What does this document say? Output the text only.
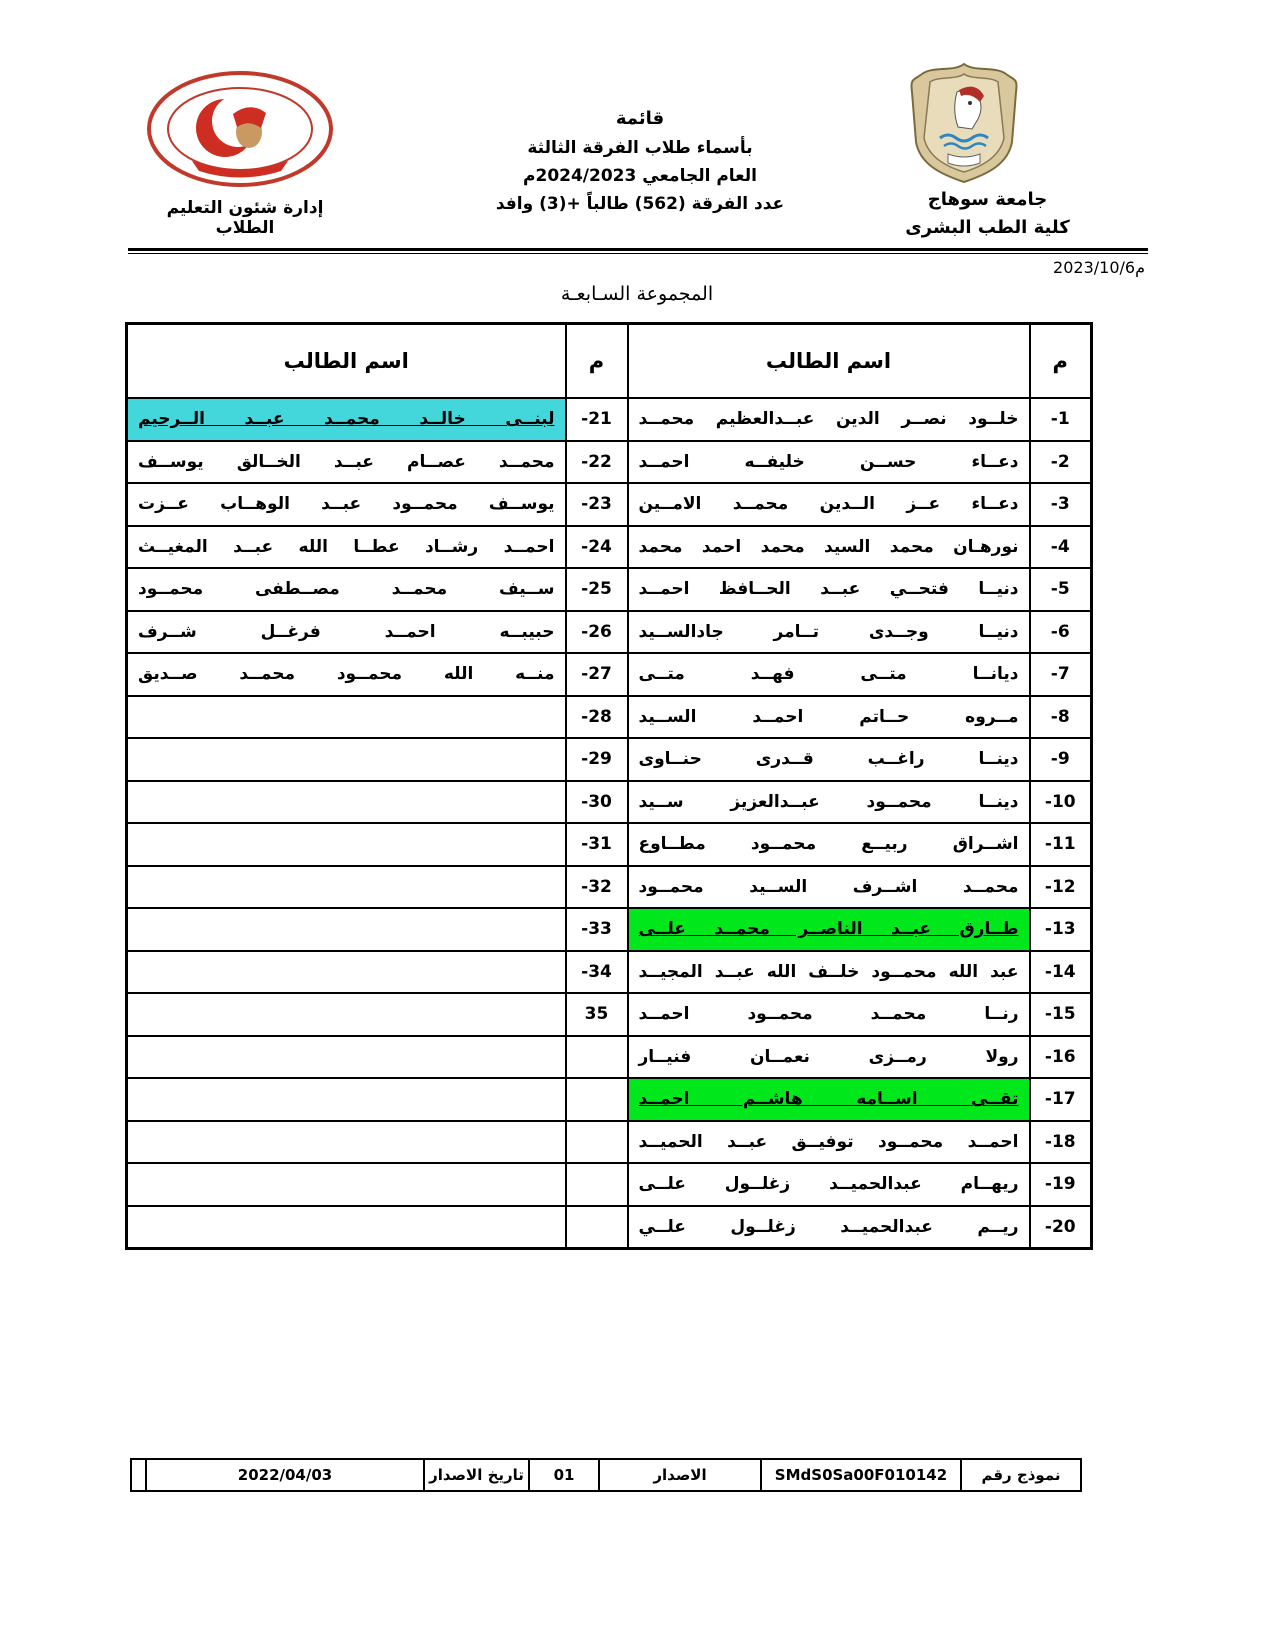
إدارة شئون التعليم الطلاب
قائمة
بأسماء طلاب الفرقة الثالثة
العام الجامعي 2024/2023م
عدد الفرقة (562) طالباً +(3) وافد	جامعة سوهاج
كلية الطب البشرى
2023/10/6م
المجموعة السـابعـة
م	اسم الطالب	م	اسم الطالب
-1	خلــود نصــر الدين عبــدالعظيم محمــد	-21	لبنــى خالــد محمــد عبــد الــرحيم
-2	دعــاء حســن خليفــه احمــد	-22	محمــد عصــام عبــد الخــالق يوســف
-3	دعــاء عــز الــدين محمــد الامــين	-23	يوســف محمــود عبــد الوهــاب عــزت
-4	نورهـان محمد السيد محمد احمد محمد	-24	احمــد رشــاد عطــا الله عبــد المغيــث
-5	دنيــا فتحــي عبــد الحــافظ احمــد	-25	ســيف محمــد مصــطفى محمــود
-6	دنيــا وجــدى تــامر جادالســيد	-26	حبيبــه احمــد فرغــل شــرف
-7	ديانــا متــى فهــد متــى	-27	منــه الله محمــود محمــد صــديق
-8	مــروه حــاتم احمــد الســيد	-28	
-9	دينــا راغــب قــدرى حنــاوى	-29	
-10	دينــا محمــود عبــدالعزيز ســيد	-30	
-11	اشــراق ربيــع محمــود مطــاوع	-31	
-12	محمــد اشــرف الســيد محمــود	-32	
-13	طــارق عبــد الناصــر محمــد علــى	-33	
-14	عبد الله محمــود خلــف الله عبــد المجيــد	-34	
-15	رنــا محمــد محمــود احمــد	35	
-16	رولا رمــزى نعمــان فنيــار		
-17	تقــى اســامه هاشــم احمــد		
-18	احمــد محمــود توفيــق عبــد الحميــد		
-19	ريهــام عبدالحميــد زغلــول علــى		
-20	ريــم عبدالحميــد زغلــول علــي		
نموذج رقم	SMdS0Sa00F010142	الاصدار	01	تاريخ الاصدار	2022/04/03	
